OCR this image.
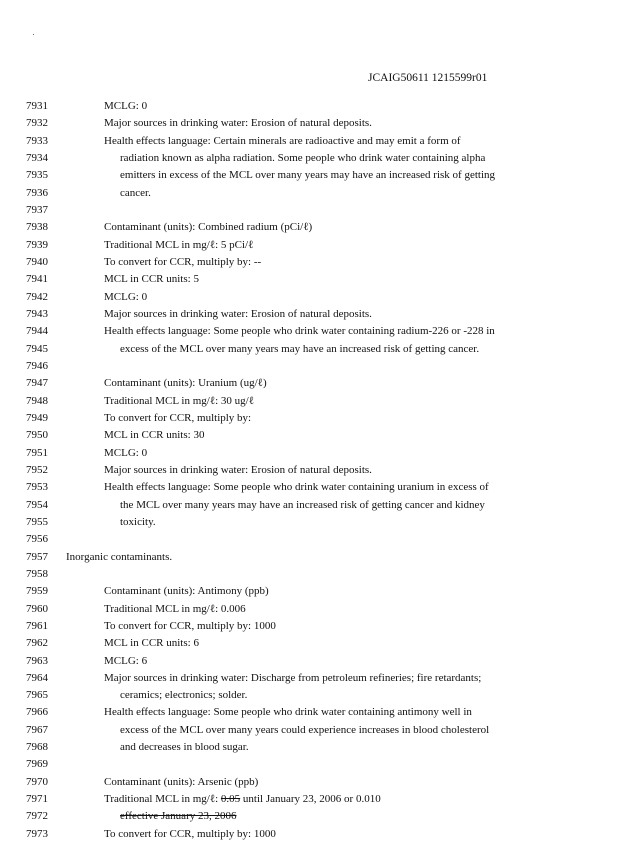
JCAIG50611 1215599r01
7931	MCLG: 0
7932	Major sources in drinking water: Erosion of natural deposits.
7933	Health effects language: Certain minerals are radioactive and may emit a form of
7934	radiation known as alpha radiation. Some people who drink water containing alpha
7935	emitters in excess of the MCL over many years may have an increased risk of getting
7936	cancer.
7937
7938	Contaminant (units): Combined radium (pCi/ℓ)
7939	Traditional MCL in mg/ℓ: 5 pCi/ℓ
7940	To convert for CCR, multiply by: --
7941	MCL in CCR units: 5
7942	MCLG: 0
7943	Major sources in drinking water: Erosion of natural deposits.
7944	Health effects language: Some people who drink water containing radium-226 or -228 in
7945	excess of the MCL over many years may have an increased risk of getting cancer.
7946
7947	Contaminant (units): Uranium (ug/ℓ)
7948	Traditional MCL in mg/ℓ: 30 ug/ℓ
7949	To convert for CCR, multiply by:
7950	MCL in CCR units: 30
7951	MCLG: 0
7952	Major sources in drinking water: Erosion of natural deposits.
7953	Health effects language: Some people who drink water containing uranium in excess of
7954	the MCL over many years may have an increased risk of getting cancer and kidney
7955	toxicity.
7956
7957	Inorganic contaminants.
7958
7959	Contaminant (units): Antimony (ppb)
7960	Traditional MCL in mg/ℓ: 0.006
7961	To convert for CCR, multiply by: 1000
7962	MCL in CCR units: 6
7963	MCLG: 6
7964	Major sources in drinking water: Discharge from petroleum refineries; fire retardants;
7965	ceramics; electronics; solder.
7966	Health effects language: Some people who drink water containing antimony well in
7967	excess of the MCL over many years could experience increases in blood cholesterol
7968	and decreases in blood sugar.
7969
7970	Contaminant (units): Arsenic (ppb)
7971	Traditional MCL in mg/ℓ: 0.05 until January 23, 2006 or 0.010
7972	effective January 23, 2006
7973	To convert for CCR, multiply by: 1000
